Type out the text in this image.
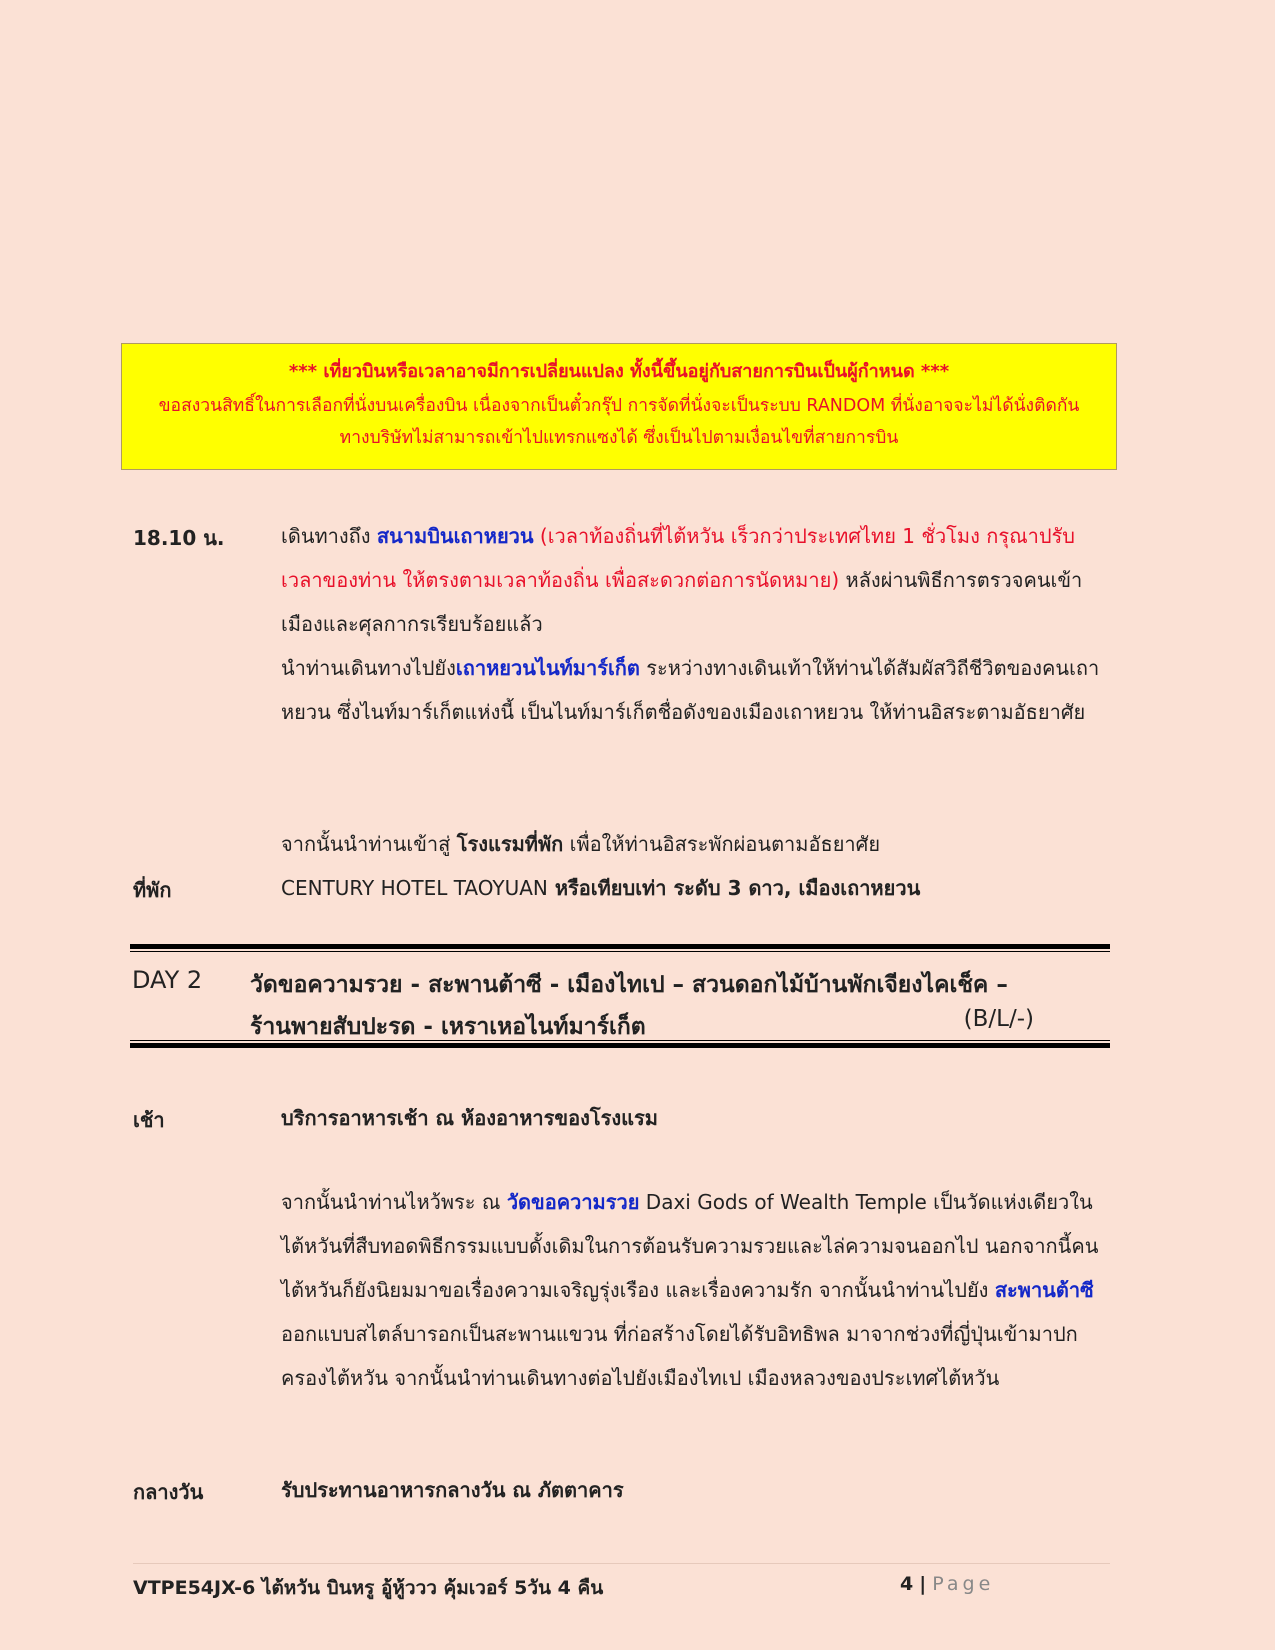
*** เที่ยวบินหรือเวลาอาจมีการเปลี่ยนแปลง ทั้งนี้ขึ้นอยู่กับสายการบินเป็นผู้กำหนด ***
ขอสงวนสิทธิ์ในการเลือกที่นั่งบนเครื่องบิน เนื่องจากเป็นตั๋วกรุ๊ป การจัดที่นั่งจะเป็นระบบ RANDOM ที่นั่งอาจจะไม่ได้นั่งติดกัน
ทางบริษัทไม่สามารถเข้าไปแทรกแซงได้ ซึ่งเป็นไปตามเงื่อนไขที่สายการบิน
18.10 น.	เดินทางถึง สนามบินเถาหยวน (เวลาท้องถิ่นที่ไต้หวัน เร็วกว่าประเทศไทย 1 ชั่วโมง กรุณาปรับเวลาของท่าน ให้ตรงตามเวลาท้องถิ่น เพื่อสะดวกต่อการนัดหมาย) หลังผ่านพิธีการตรวจคนเข้าเมืองและศุลกากรเรียบร้อยแล้ว
นำท่านเดินทางไปยังเถาหยวนไนท์มาร์เก็ต ระหว่างทางเดินเท้าให้ท่านได้สัมผัสวิถีชีวิตของคนเถาหยวน ซึ่งไนท์มาร์เก็ตแห่งนี้ เป็นไนท์มาร์เก็ตชื่อดังของเมืองเถาหยวน ให้ท่านอิสระตามอัธยาศัย
จากนั้นนำท่านเข้าสู่ โรงแรมที่พัก เพื่อให้ท่านอิสระพักผ่อนตามอัธยาศัย
ที่พัก	CENTURY HOTEL TAOYUAN หรือเทียบเท่า ระดับ 3 ดาว, เมืองเถาหยวน
DAY 2 วัดขอความรวย - สะพานต้าซี - เมืองไทเป – สวนดอกไม้บ้านพักเจียงไคเช็ค –
ร้านพายสับปะรด - เหราเหอไนท์มาร์เก็ต	(B/L/-)
เช้า	บริการอาหารเช้า ณ ห้องอาหารของโรงแรม
จากนั้นนำท่านไหว้พระ ณ วัดขอความรวย Daxi Gods of Wealth Temple เป็นวัดแห่งเดียวในไต้หวันที่สืบทอดพิธีกรรมแบบดั้งเดิมในการต้อนรับความรวยและไล่ความจนออกไป นอกจากนี้คนไต้หวันก็ยังนิยมมาขอเรื่องความเจริญรุ่งเรือง และเรื่องความรัก จากนั้นนำท่านไปยัง สะพานต้าซี ออกแบบสไตล์บารอกเป็นสะพานแขวน ที่ก่อสร้างโดยได้รับอิทธิพล มาจากช่วงที่ญี่ปุ่นเข้ามาปกครองไต้หวัน จากนั้นนำท่านเดินทางต่อไปยังเมืองไทเป เมืองหลวงของประเทศไต้หวัน
กลางวัน	รับประทานอาหารกลางวัน ณ ภัตตาคาร
VTPE54JX-6 ไต้หวัน บินหรู อู้หู้ววว คุ้มเวอร์ 5วัน 4 คืน	4 | Page
